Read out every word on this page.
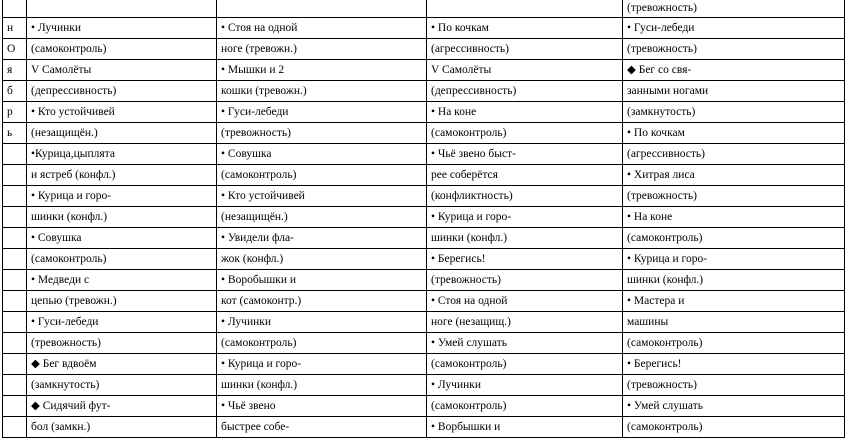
				(тревожность)
н	• Лучинки	• Стоя на одной	• По кочкам	• Гуси-лебеди
О	(самоконтроль)	ноге (тревожн.)	(агрессивность)	(тревожность)
я	V Самолёты	• Мышки и 2	V Самолёты	◆ Бег со свя-
б	(депрессивность)	кошки (тревожн.)	(депрессивность)	занными ногами
р	• Кто устойчивей	• Гуси-лебеди	• На коне	(замкнутость)
ь	(незащищён.)	(тревожность)	(самоконтроль)	• По кочкам
	•Курица,цыплята	• Совушка	• Чьё звено быст-	(агрессивность)
	и ястреб (конфл.)	(самоконтроль)	рее соберётся	• Хитрая лиса
	• Курица и горо-	• Кто устойчивей	(конфликтность)	(тревожность)
	шинки (конфл.)	(незащищён.)	• Курица и горо-	• На коне
	• Совушка	• Увидели фла-	шинки (конфл.)	(самоконтроль)
	(самоконтроль)	жок (конфл.)	• Берегись!	• Курица и горо-
	• Медведи с	• Воробышки и	(тревожность)	шинки (конфл.)
	цепью (тревожн.)	кот (самоконтр.)	• Стоя на одной	• Мастера и
	• Гуси-лебеди	• Лучинки	ноге (незащищ.)	машины
	(тревожность)	(самоконтроль)	• Умей слушать	(самоконтроль)
	◆ Бег вдвоём	• Курица и горо-	(самоконтроль)	• Берегись!
	(замкнутость)	шинки (конфл.)	• Лучинки	(тревожность)
	◆ Сидячий фут-	• Чьё звено	(самоконтроль)	• Умей слушать
	бол (замкн.)	быстрее собе-	• Ворбышки и	(самоконтроль)
